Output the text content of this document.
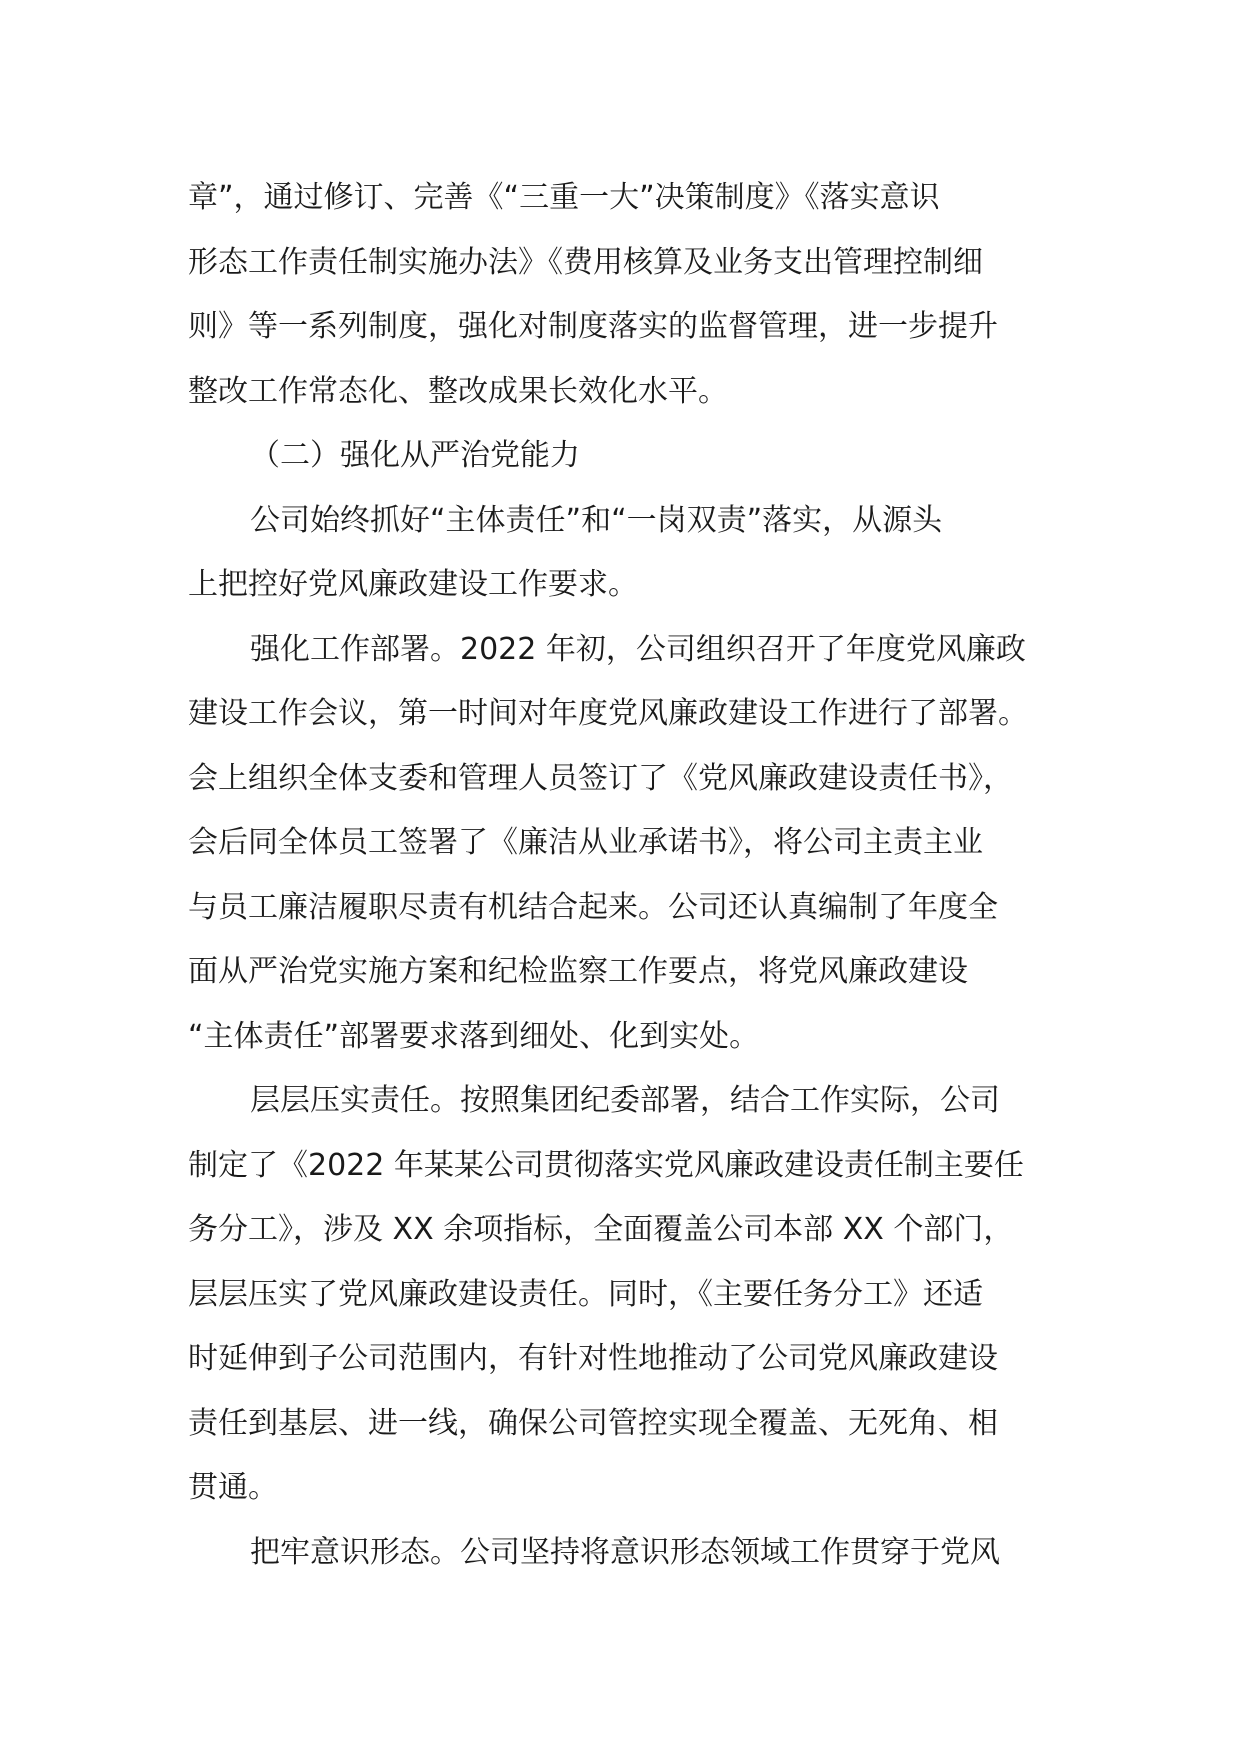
章”，通过修订、完善《“三重一大”决策制度》《落实意识
形态工作责任制实施办法》《费用核算及业务支出管理控制细
则》等一系列制度，强化对制度落实的监督管理，进一步提升
整改工作常态化、整改成果长效化水平。
（二）强化从严治党能力
公司始终抓好“主体责任”和“一岗双责”落实，从源头
上把控好党风廉政建设工作要求。
强化工作部署。2022 年初，公司组织召开了年度党风廉政
建设工作会议，第一时间对年度党风廉政建设工作进行了部署。
会上组织全体支委和管理人员签订了《党风廉政建设责任书》，
会后同全体员工签署了《廉洁从业承诺书》，将公司主责主业
与员工廉洁履职尽责有机结合起来。公司还认真编制了年度全
面从严治党实施方案和纪检监察工作要点，将党风廉政建设
“主体责任”部署要求落到细处、化到实处。
层层压实责任。按照集团纪委部署，结合工作实际，公司
制定了《2022 年某某公司贯彻落实党风廉政建设责任制主要任
务分工》，涉及 XX 余项指标，全面覆盖公司本部 XX 个部门，
层层压实了党风廉政建设责任。同时，《主要任务分工》还适
时延伸到子公司范围内，有针对性地推动了公司党风廉政建设
责任到基层、进一线，确保公司管控实现全覆盖、无死角、相
贯通。
把牢意识形态。公司坚持将意识形态领域工作贯穿于党风
